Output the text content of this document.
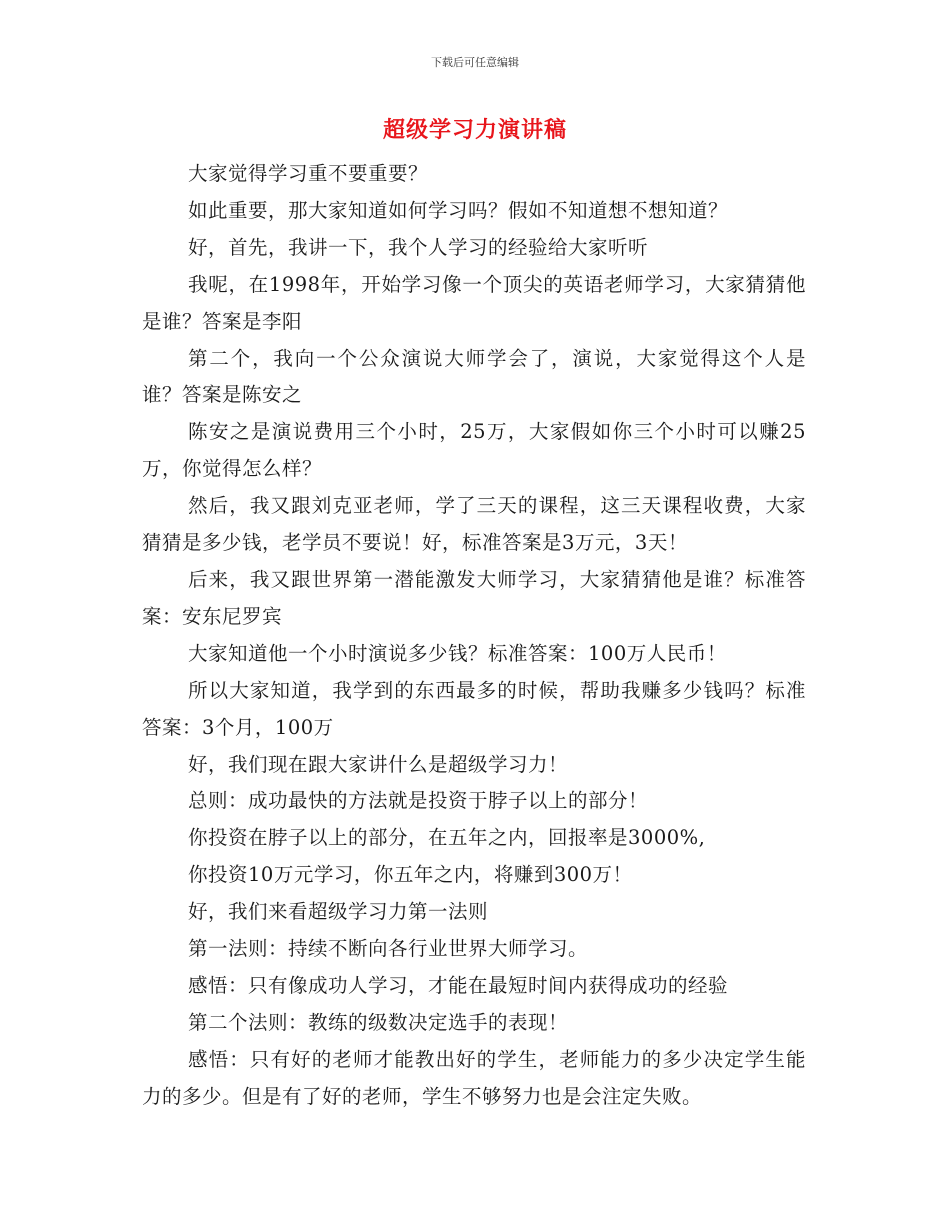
下载后可任意编辑
超级学习力演讲稿

大家觉得学习重不要重要？

如此重要，那大家知道如何学习吗？假如不知道想不想知道？

好，首先，我讲一下，我个人学习的经验给大家听听

我呢，在1998年，开始学习像一个顶尖的英语老师学习，大家猜猜他是谁？答案是李阳

第二个，我向一个公众演说大师学会了，演说，大家觉得这个人是谁？答案是陈安之

陈安之是演说费用三个小时，25万，大家假如你三个小时可以赚25万，你觉得怎么样？

然后，我又跟刘克亚老师，学了三天的课程，这三天课程收费，大家猜猜是多少钱，老学员不要说！好，标准答案是3万元，3天！

后来，我又跟世界第一潜能激发大师学习，大家猜猜他是谁？标准答案：安东尼罗宾

大家知道他一个小时演说多少钱？标准答案：100万人民币！

所以大家知道，我学到的东西最多的时候，帮助我赚多少钱吗？标准答案：3个月，100万

好，我们现在跟大家讲什么是超级学习力！

总则：成功最快的方法就是投资于脖子以上的部分！

你投资在脖子以上的部分，在五年之内，回报率是3000%,

你投资10万元学习，你五年之内，将赚到300万！

好，我们来看超级学习力第一法则

第一法则：持续不断向各行业世界大师学习。

感悟：只有像成功人学习，才能在最短时间内获得成功的经验

第二个法则：教练的级数决定选手的表现！

感悟：只有好的老师才能教出好的学生，老师能力的多少决定学生能力的多少。但是有了好的老师，学生不够努力也是会注定失败。
